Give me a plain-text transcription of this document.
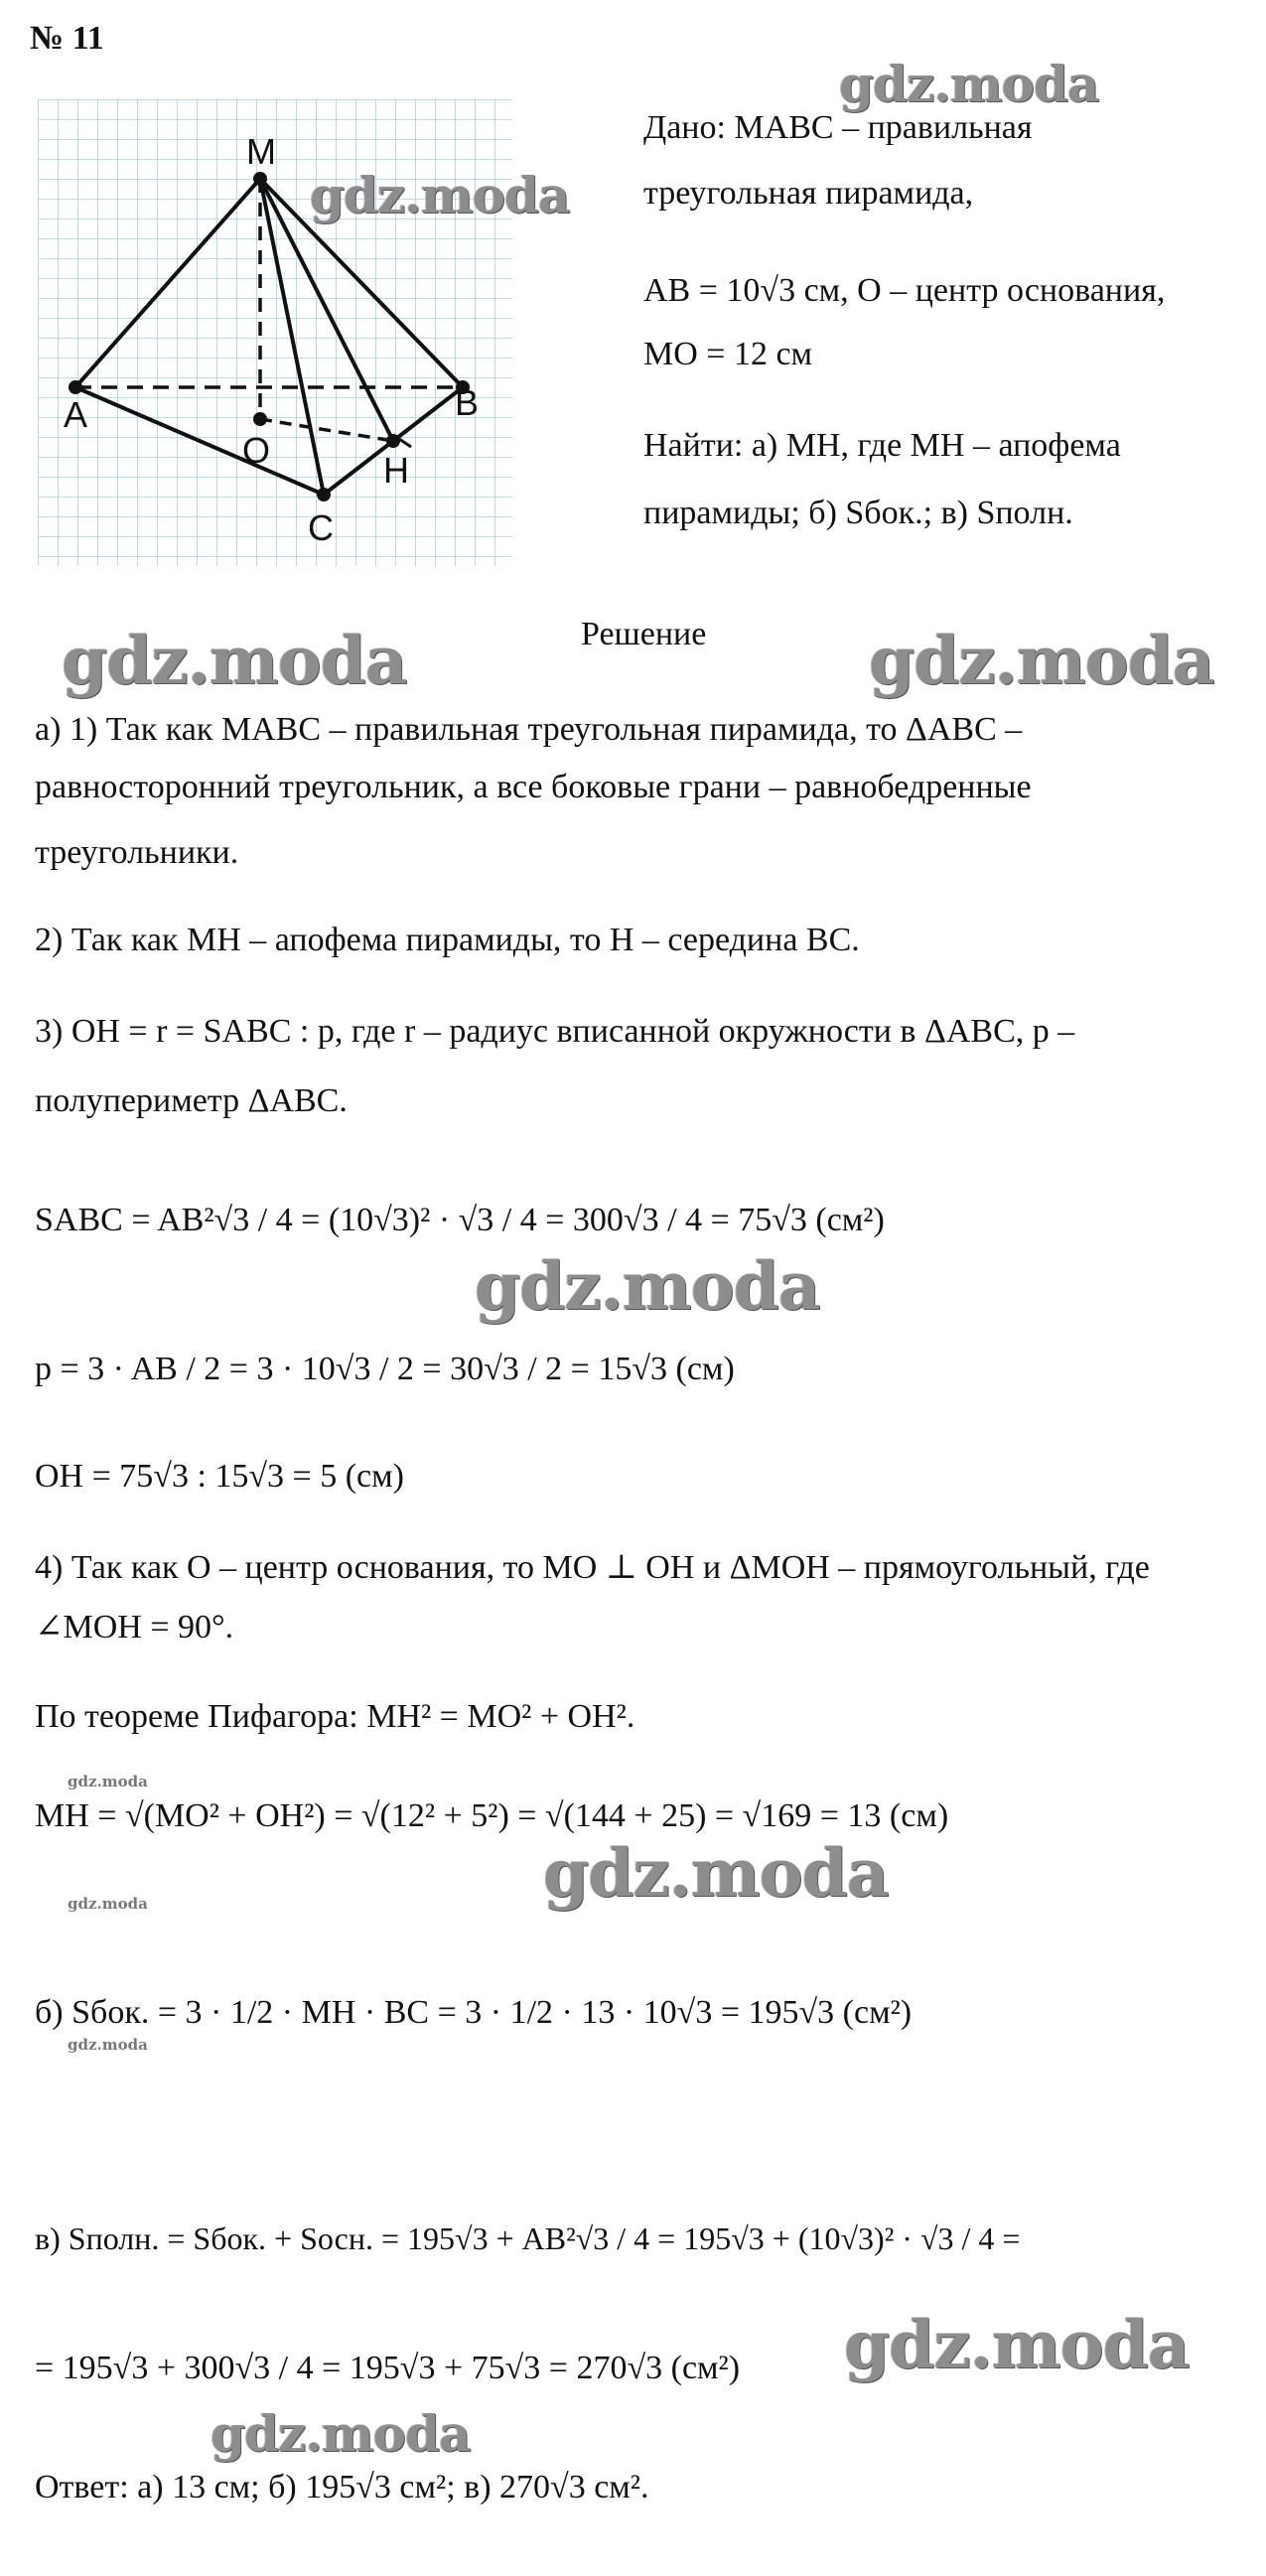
№ 11
M
A	B
O	H
C
gdz.moda
gdz.moda
gdz.moda	gdz.moda
gdz.moda
gdz.moda
gdz.moda
gdz.moda
gdz.moda
gdz.moda
gdz.moda
Дано: MABC – правильная
треугольная пирамида,
AB = 10√3 см, O – центр основания,
MO = 12 см
Найти: а) MH, где MH – апофема
пирамиды; б) Sбок.; в) Sполн.
Решение
а) 1) Так как MABC – правильная треугольная пирамида, то ΔABC –
равносторонний треугольник, а все боковые грани – равнобедренные
треугольники.
2) Так как MH – апофема пирамиды, то H – середина BC.
3) OH = r = SABC : p, где r – радиус вписанной окружности в ΔABC, p –
полупериметр ΔABC.
SABC = AB²√3 / 4 = (10√3)² · √3 / 4 = 300√3 / 4 = 75√3 (см²)
p = 3 · AB / 2 = 3 · 10√3 / 2 = 30√3 / 2 = 15√3 (см)
OH = 75√3 : 15√3 = 5 (см)
4) Так как O – центр основания, то MO ⊥ OH и ΔMOH – прямоугольный, где
∠MOH = 90°.
По теореме Пифагора: MH² = MO² + OH².
MH = √(MO² + OH²) = √(12² + 5²) = √(144 + 25) = √169 = 13 (см)
б) Sбок. = 3 · 1/2 · MH · BC = 3 · 1/2 · 13 · 10√3 = 195√3 (см²)
в) Sполн. = Sбок. + Sосн. = 195√3 + AB²√3 / 4 = 195√3 + (10√3)² · √3 / 4 =
= 195√3 + 300√3 / 4 = 195√3 + 75√3 = 270√3 (см²)
Ответ: а) 13 см; б) 195√3 см²; в) 270√3 см².
